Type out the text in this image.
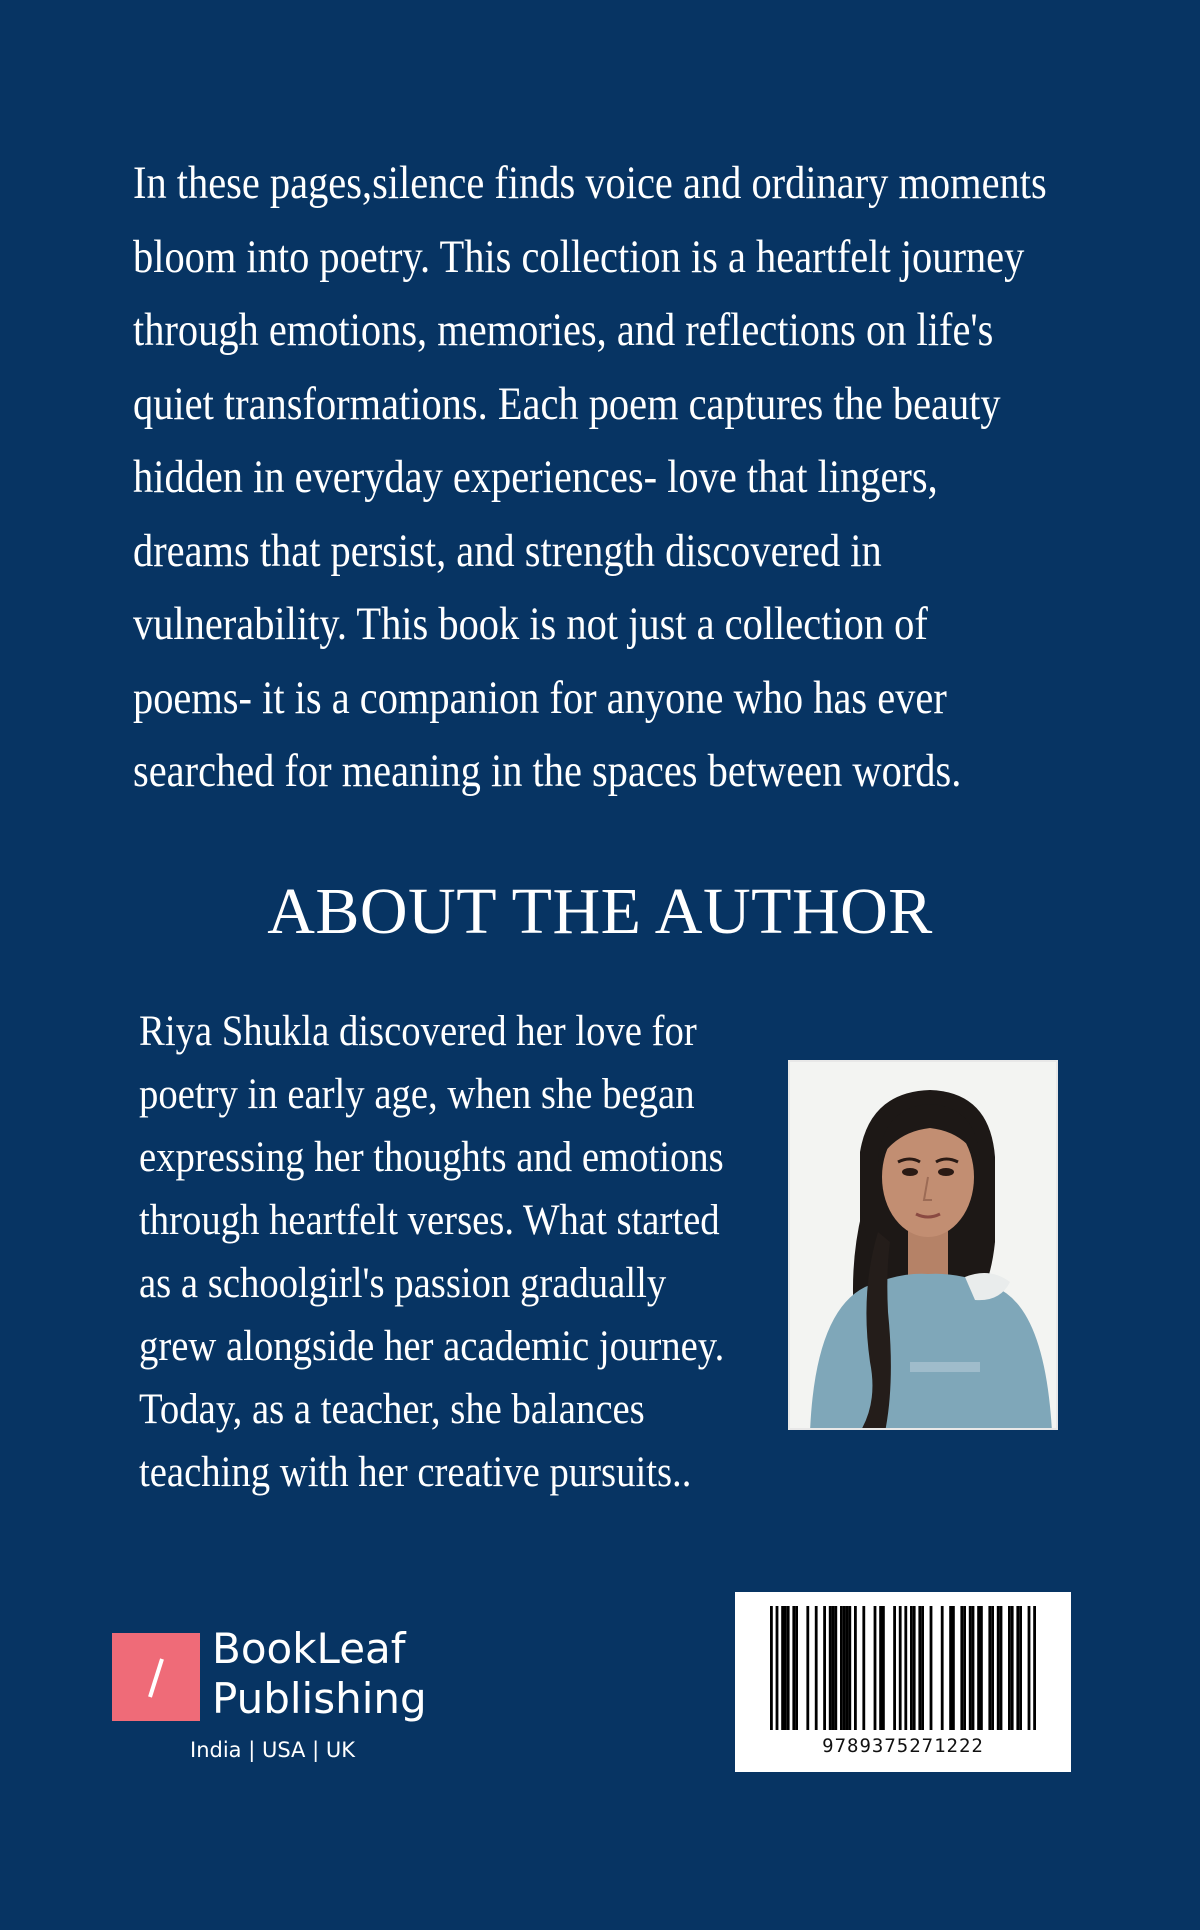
In these pages,silence finds voice and ordinary moments
bloom into poetry. This collection is a heartfelt journey
through emotions, memories, and reflections on life's
quiet transformations. Each poem captures the beauty
hidden in everyday experiences- love that lingers,
dreams that persist, and strength discovered in
vulnerability. This book is not just a collection of
poems- it is a companion for anyone who has ever
searched for meaning in the spaces between words.
ABOUT THE AUTHOR
Riya Shukla discovered her love for
poetry in early age, when she began
expressing her thoughts and emotions
through heartfelt verses. What started
as a schoolgirl's passion gradually
grew alongside her academic journey.
Today, as a teacher, she balances
teaching with her creative pursuits..
BookLeaf
Publishing
India | USA | UK	9789375271222
